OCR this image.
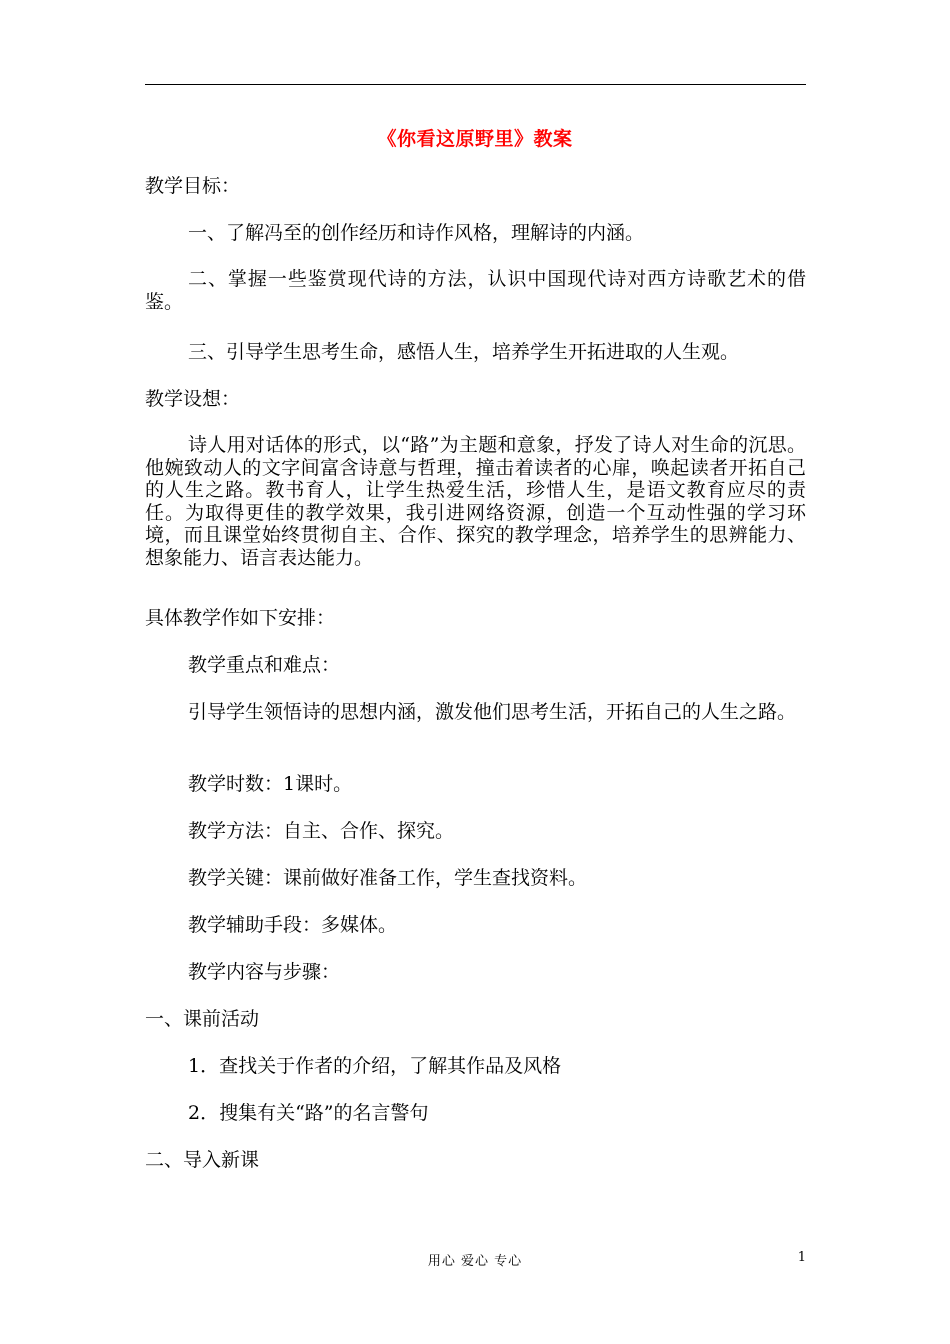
《你看这原野里》教案
教学目标：
一、了解冯至的创作经历和诗作风格，理解诗的内涵。
二、掌握一些鉴赏现代诗的方法，认识中国现代诗对西方诗歌艺术的借鉴。
三、引导学生思考生命，感悟人生，培养学生开拓进取的人生观。
教学设想：
诗人用对话体的形式，以“路”为主题和意象，抒发了诗人对生命的沉思。他婉致动人的文字间富含诗意与哲理，撞击着读者的心扉，唤起读者开拓自己的人生之路。教书育人，让学生热爱生活，珍惜人生，是语文教育应尽的责任。为取得更佳的教学效果，我引进网络资源，创造一个互动性强的学习环境，而且课堂始终贯彻自主、合作、探究的教学理念，培养学生的思辨能力、想象能力、语言表达能力。
具体教学作如下安排：
教学重点和难点：
引导学生领悟诗的思想内涵，激发他们思考生活，开拓自己的人生之路。
教学时数：1课时。
教学方法：自主、合作、探究。
教学关键：课前做好准备工作，学生查找资料。
教学辅助手段：多媒体。
教学内容与步骤：
一、课前活动
1．查找关于作者的介绍，了解其作品及风格
2．搜集有关“路”的名言警句
二、导入新课
用心 爱心 专心	1
